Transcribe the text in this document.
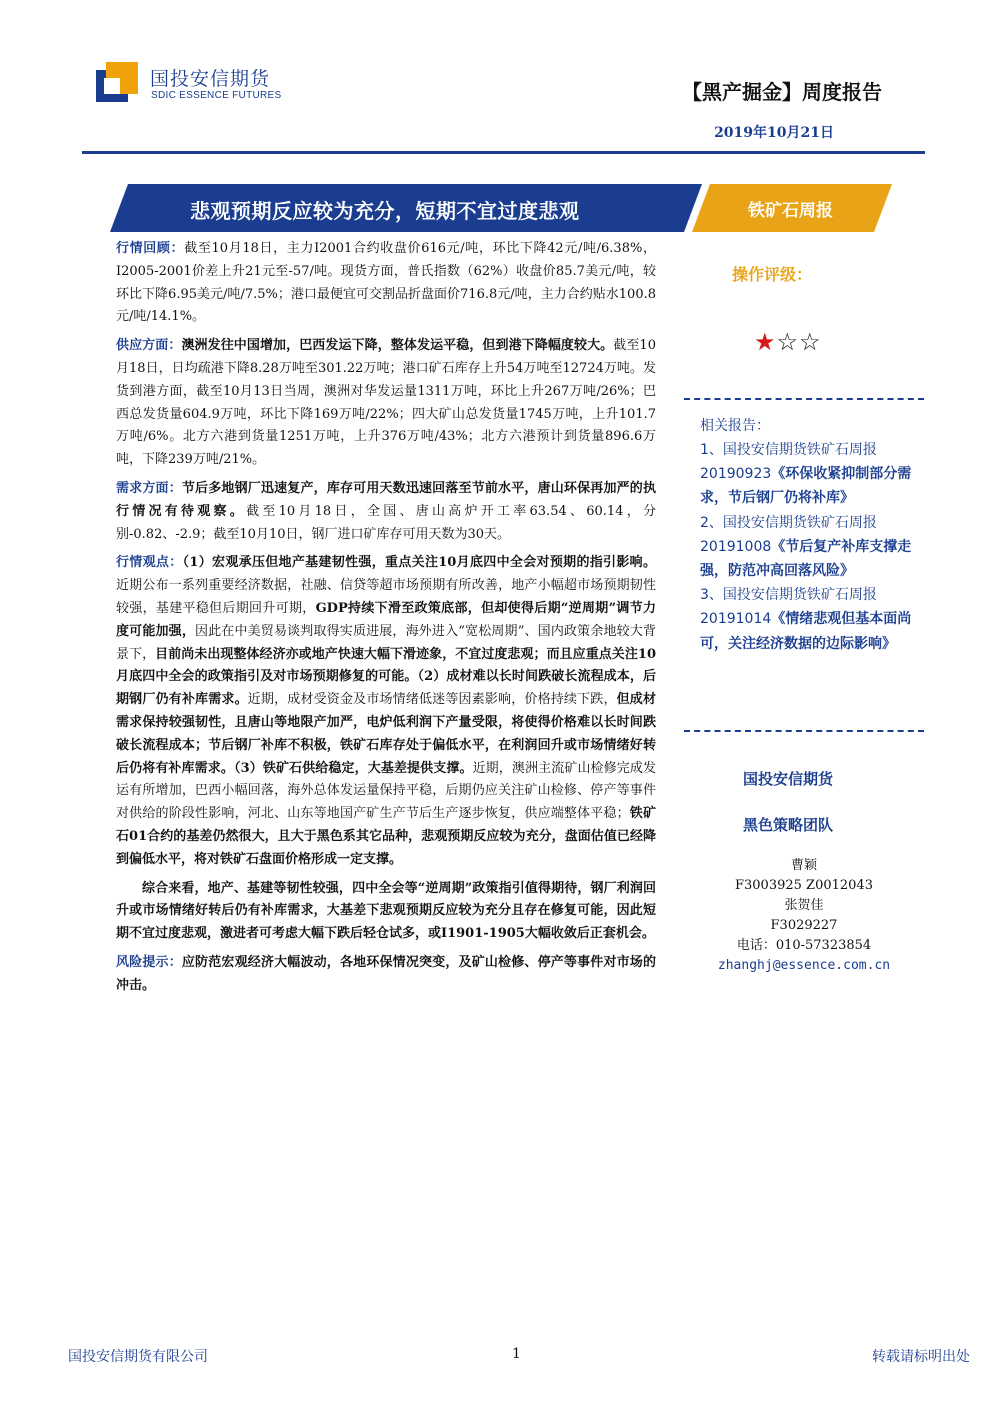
国投安信期货
SDIC ESSENCE FUTURES	【黑产掘金】周度报告
2019年10月21日
悲观预期反应较为充分，短期不宜过度悲观	铁矿石周报

行情回顾：截至10月18日，主力I2001合约收盘价616元/吨，环比下降42元/吨/6.38%，I2005-2001价差上升21元至-57/吨。现货方面，普氏指数（62%）收盘价85.7美元/吨，较环比下降6.95美元/吨/7.5%；港口最便宜可交割品折盘面价716.8元/吨，主力合约贴水100.8元/吨/14.1%。

供应方面：澳洲发往中国增加，巴西发运下降，整体发运平稳，但到港下降幅度较大。截至10月18日，日均疏港下降8.28万吨至301.22万吨；港口矿石库存上升54万吨至12724万吨。发货到港方面，截至10月13日当周，澳洲对华发运量1311万吨，环比上升267万吨/26%；巴西总发货量604.9万吨，环比下降169万吨/22%；四大矿山总发货量1745万吨，上升101.7万吨/6%。北方六港到货量1251万吨，上升376万吨/43%；北方六港预计到货量896.6万吨，下降239万吨/21%。

需求方面：节后多地钢厂迅速复产，库存可用天数迅速回落至节前水平，唐山环保再加严的执行情况有待观察。截至10月18日，全国、唐山高炉开工率63.54、60.14，分别-0.82、-2.9；截至10月10日，钢厂进口矿库存可用天数为30天。

行情观点：（1）宏观承压但地产基建韧性强，重点关注10月底四中全会对预期的指引影响。近期公布一系列重要经济数据，社融、信贷等超市场预期有所改善，地产小幅超市场预期韧性较强，基建平稳但后期回升可期，GDP持续下滑至政策底部，但却使得后期“逆周期”调节力度可能加强，因此在中美贸易谈判取得实质进展，海外进入“宽松周期”、国内政策余地较大背景下，目前尚未出现整体经济亦或地产快速大幅下滑迹象，不宜过度悲观；而且应重点关注10月底四中全会的政策指引及对市场预期修复的可能。（2）成材难以长时间跌破长流程成本，后期钢厂仍有补库需求。近期，成材受资金及市场情绪低迷等因素影响，价格持续下跌，但成材需求保持较强韧性，且唐山等地限产加严，电炉低利润下产量受限，将使得价格难以长时间跌破长流程成本；节后钢厂补库不积极，铁矿石库存处于偏低水平，在利润回升或市场情绪好转后仍将有补库需求。（3）铁矿石供给稳定，大基差提供支撑。近期，澳洲主流矿山检修完成发运有所增加，巴西小幅回落，海外总体发运量保持平稳，后期仍应关注矿山检修、停产等事件对供给的阶段性影响，河北、山东等地国产矿生产节后生产逐步恢复，供应端整体平稳；铁矿石01合约的基差仍然很大，且大于黑色系其它品种，悲观预期反应较为充分，盘面估值已经降到偏低水平，将对铁矿石盘面价格形成一定支撑。

综合来看，地产、基建等韧性较强，四中全会等“逆周期”政策指引值得期待，钢厂利润回升或市场情绪好转后仍有补库需求，大基差下悲观预期反应较为充分且存在修复可能，因此短期不宜过度悲观，激进者可考虑大幅下跌后轻仓试多，或I1901-1905大幅收敛后正套机会。

风险提示：应防范宏观经济大幅波动，各地环保情况突变，及矿山检修、停产等事件对市场的冲击。

操作评级：
★☆☆
相关报告：

1、国投安信期货铁矿石周报20190923《环保收紧抑制部分需求，节后钢厂仍将补库》

2、国投安信期货铁矿石周报20191008《节后复产补库支撑走强，防范冲高回落风险》

3、国投安信期货铁矿石周报20191014《情绪悲观但基本面尚可，关注经济数据的边际影响》

国投安信期货
黑色策略团队
曹颖
F3003925 Z0012043
张贺佳
F3029227
电话：010-57323854
zhanghj@essence.com.cn
国投安信期货有限公司	1	转载请标明出处
